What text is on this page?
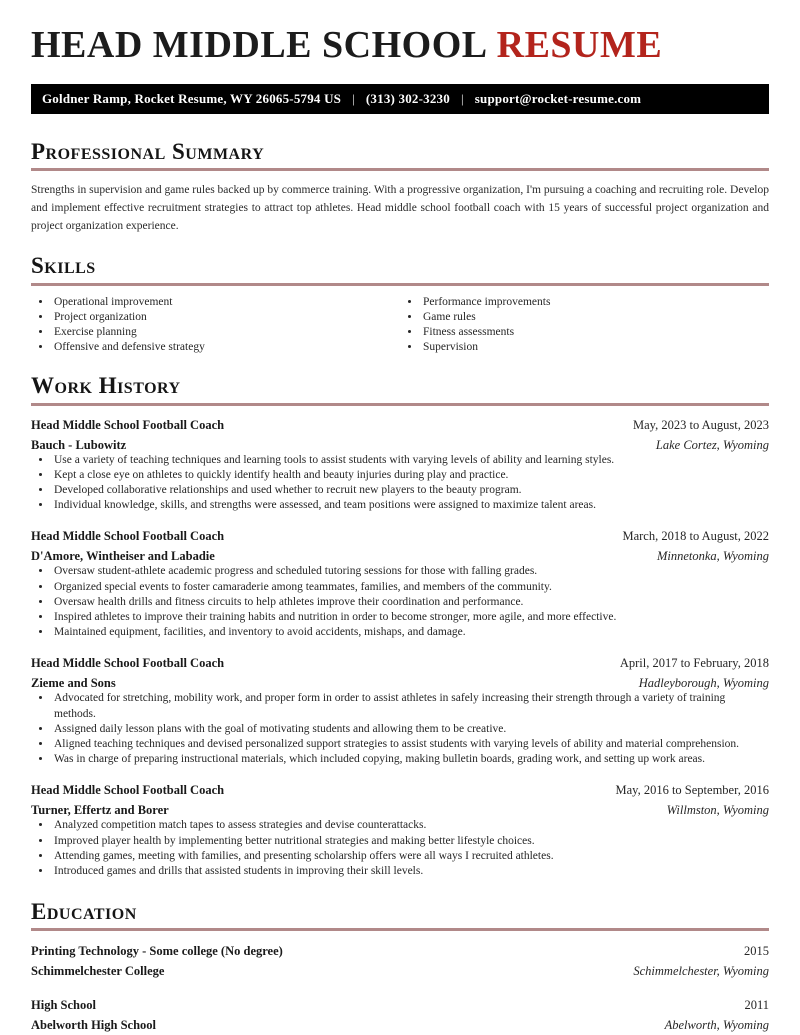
HEAD MIDDLE SCHOOL RESUME
Goldner Ramp, Rocket Resume, WY 26065-5794 US | (313) 302-3230 | support@rocket-resume.com
Professional Summary

Strengths in supervision and game rules backed up by commerce training. With a progressive organization, I'm pursuing a coaching and recruiting role. Develop and implement effective recruitment strategies to attract top athletes. Head middle school football coach with 15 years of successful project organization and project organization experience.

Skills
• Operational improvement
• Project organization
• Exercise planning
• Offensive and defensive strategy
• Performance improvements
• Game rules
• Fitness assessments
• Supervision
Work History
Head Middle School Football Coach	May, 2023 to August, 2023
Bauch - Lubowitz	Lake Cortez, Wyoming
• Use a variety of teaching techniques and learning tools to assist students with varying levels of ability and learning styles.
• Kept a close eye on athletes to quickly identify health and beauty injuries during play and practice.
• Developed collaborative relationships and used whether to recruit new players to the beauty program.
• Individual knowledge, skills, and strengths were assessed, and team positions were assigned to maximize talent areas.
Head Middle School Football Coach	March, 2018 to August, 2022
D'Amore, Wintheiser and Labadie	Minnetonka, Wyoming
• Oversaw student-athlete academic progress and scheduled tutoring sessions for those with falling grades.
• Organized special events to foster camaraderie among teammates, families, and members of the community.
• Oversaw health drills and fitness circuits to help athletes improve their coordination and performance.
• Inspired athletes to improve their training habits and nutrition in order to become stronger, more agile, and more effective.
• Maintained equipment, facilities, and inventory to avoid accidents, mishaps, and damage.
Head Middle School Football Coach	April, 2017 to February, 2018
Zieme and Sons	Hadleyborough, Wyoming
• Advocated for stretching, mobility work, and proper form in order to assist athletes in safely increasing their strength through a variety of training methods.
• Assigned daily lesson plans with the goal of motivating students and allowing them to be creative.
• Aligned teaching techniques and devised personalized support strategies to assist students with varying levels of ability and material comprehension.
• Was in charge of preparing instructional materials, which included copying, making bulletin boards, grading work, and setting up work areas.
Head Middle School Football Coach	May, 2016 to September, 2016
Turner, Effertz and Borer	Willmston, Wyoming
• Analyzed competition match tapes to assess strategies and devise counterattacks.
• Improved player health by implementing better nutritional strategies and making better lifestyle choices.
• Attending games, meeting with families, and presenting scholarship offers were all ways I recruited athletes.
• Introduced games and drills that assisted students in improving their skill levels.
Education
Printing Technology - Some college (No degree)	2015
Schimmelchester College	Schimmelchester, Wyoming
High School	2011
Abelworth High School	Abelworth, Wyoming
